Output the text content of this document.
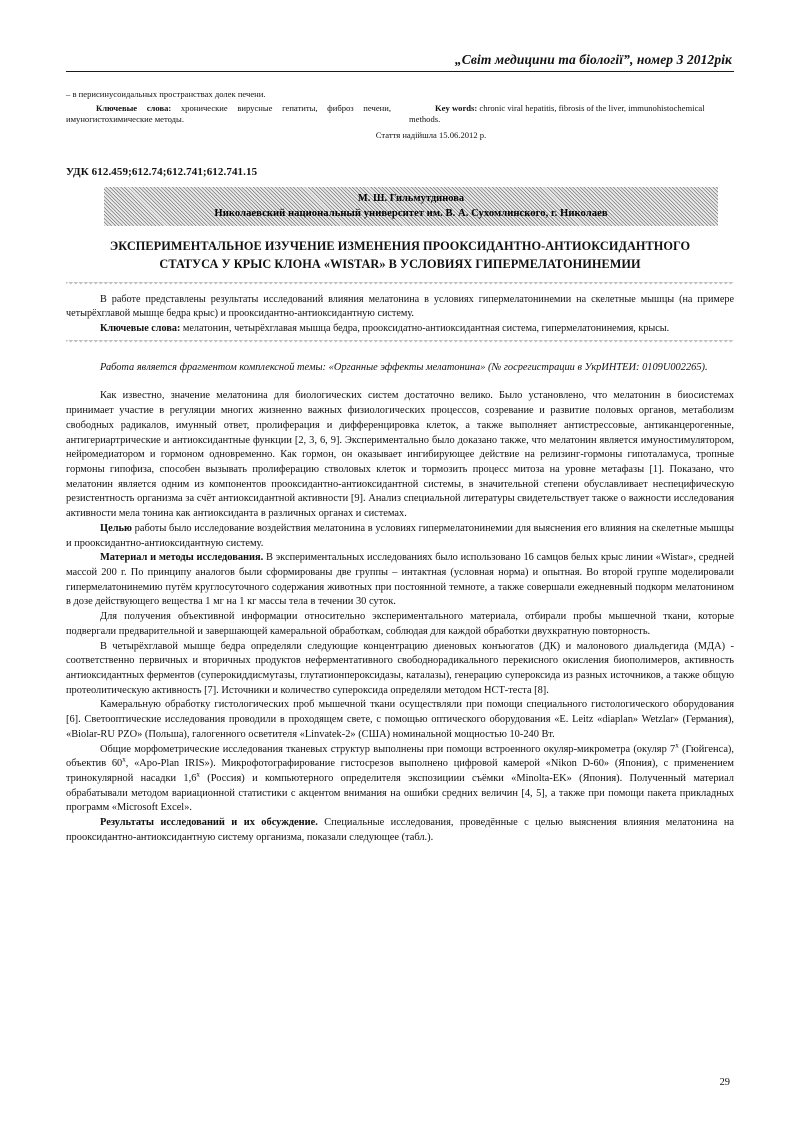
„Світ медицини та біології”, номер 3 2012рік
– в перисинусоидальных пространствах долек печени.

Ключевые слова: хронические вирусные гепатиты, фиброз печени, имуногистохимические методы.

Key words: chronic viral hepatitis, fibrosis of the liver, immunohistochemical methods.

Стаття надійшла 15.06.2012 р.
УДК 612.459;612.74;612.741;612.741.15
М. Ш. Гильмутдинова
Николаевский национальный университет им. В. А. Сухомлинского, г. Николаев
ЭКСПЕРИМЕНТАЛЬНОЕ ИЗУЧЕНИЕ ИЗМЕНЕНИЯ ПРООКСИДАНТНО-АНТИОКСИДАНТНОГО
СТАТУСА У КРЫС КЛОНА «WISTAR» В УСЛОВИЯХ ГИПЕРМЕЛАТОНИНЕМИИ

В работе представлены результаты исследований влияния мелатонина в условиях гипермелатонинемии на скелетные мышцы (на примере четырёхглавой мышце бедра крыс) и прооксидантно-антиоксидантную систему.

Ключевые слова: мелатонин, четырёхглавая мышца бедра, прооксидатно-антиоксидантная система, гипермелатонинемия, крысы.

Работа является фрагментом комплексной темы: «Органные эффекты мелатонина» (№ госрегистрации в УкрИНТЕИ: 0109U002265).

Как известно, значение мелатонина для биологических систем достаточно велико. Было установлено, что мелатонин в биосистемах принимает участие в регуляции многих жизненно важных физиологических процессов, созревание и развитие половых органов, метаболизм свободных радикалов, имунный ответ, пролиферация и дифференцировка клеток, а также выполняет антистрессовые, антиканцерогенные, антигериартрические и антиоксидантные функции [2, 3, 6, 9]. Экспериментально было доказано также, что мелатонин является имуностимулятором, нейромедиатором и гормоном одновременно. Как гормон, он оказывает ингибирующее действие на релизинг-гормоны гипоталамуса, тропные гормоны гипофиза, способен вызывать пролиферацию стволовых клеток и тормозить процесс митоза на уровне метафазы [1]. Показано, что мелатонин является одним из компонентов прооксидантно-антиоксидантной системы, в значительной степени обуславливает неспецифическую резистентность организма за счёт антиоксидантной активности [9]. Анализ специальной литературы свидетельствует также о важности исследования активности мела тонина как антиоксиданта в различных органах и системах.

Целью работы было исследование воздействия мелатонина в условиях гипермелатонинемии для выяснения его влияния на скелетные мышцы и прооксидантно-антиоксидантную систему.

Материал и методы исследования. В экспериментальных исследованиях было использовано 16 самцов белых крыс линии «Wistar», средней массой 200 г. По принципу аналогов были сформированы две группы – интактная (условная норма) и опытная. Во второй группе моделировали гипермелатонинемию путём круглосуточного содержания животных при постоянной темноте, а также совершали ежедневный подкорм мелатонином в дозе действующего вещества 1 мг на 1 кг массы тела в течении 30 суток.

Для получения объективной информации относительно экспериментального материала, отбирали пробы мышечной ткани, которые подвергали предварительной и завершающей камеральной обработкам, соблюдая для каждой обработки двухкратную повторность.

В четырёхглавой мышце бедра определяли следующие концентрацию диеновых конъюгатов (ДК) и малонового диальдегида (МДА) - соответственно первичных и вторичных продуктов неферментативного свободнорадикального перекисного окисления биополимеров, активность антиоксидантных ферментов (суперокиддисмутазы, глутатионпероксидазы, каталазы), генерацию супероксида из разных источников, а также общую протеолитическую активность [7]. Источники и количество супероксида определяли методом НСТ-теста [8].

Камеральную обработку гистологических проб мышечной ткани осуществляли при помощи специального гистологического оборудования [6]. Светооптические исследования проводили в проходящем свете, с помощью оптического оборудования «E. Leitz «diaplan» Wetzlar» (Германия), «Biolar-RU PZO» (Польша), галогенного осветителя «Linvatek-2» (США) номинальной мощностью 10-240 Вт.

Общие морфометрические исследования тканевых структур выполнены при помощи встроенного окуляр-микрометра (окуляр 7$^x$ (Гюйгенса), объектив 60$^x$, «Apo-Plan IRIS»). Микрофотографирование гистосрезов выполнено цифровой камерой «Nikon D-60» (Япония), с применением тринокулярной насадки 1,6$^x$ (Россия) и компьютерного определителя экспозициии съёмки «Minolta-EK» (Япония). Полученный материал обрабатывали методом вариационной статистики с акцентом внимания на ошибки средних величин [4, 5], а также при помощи пакета прикладных программ «Microsoft Excel».

Результаты исследований и их обсуждение. Специальные исследования, проведённые с целью выяснения влияния мелатонина на прооксидантно-антиоксидантную систему организма, показали следующее (табл.).

29
